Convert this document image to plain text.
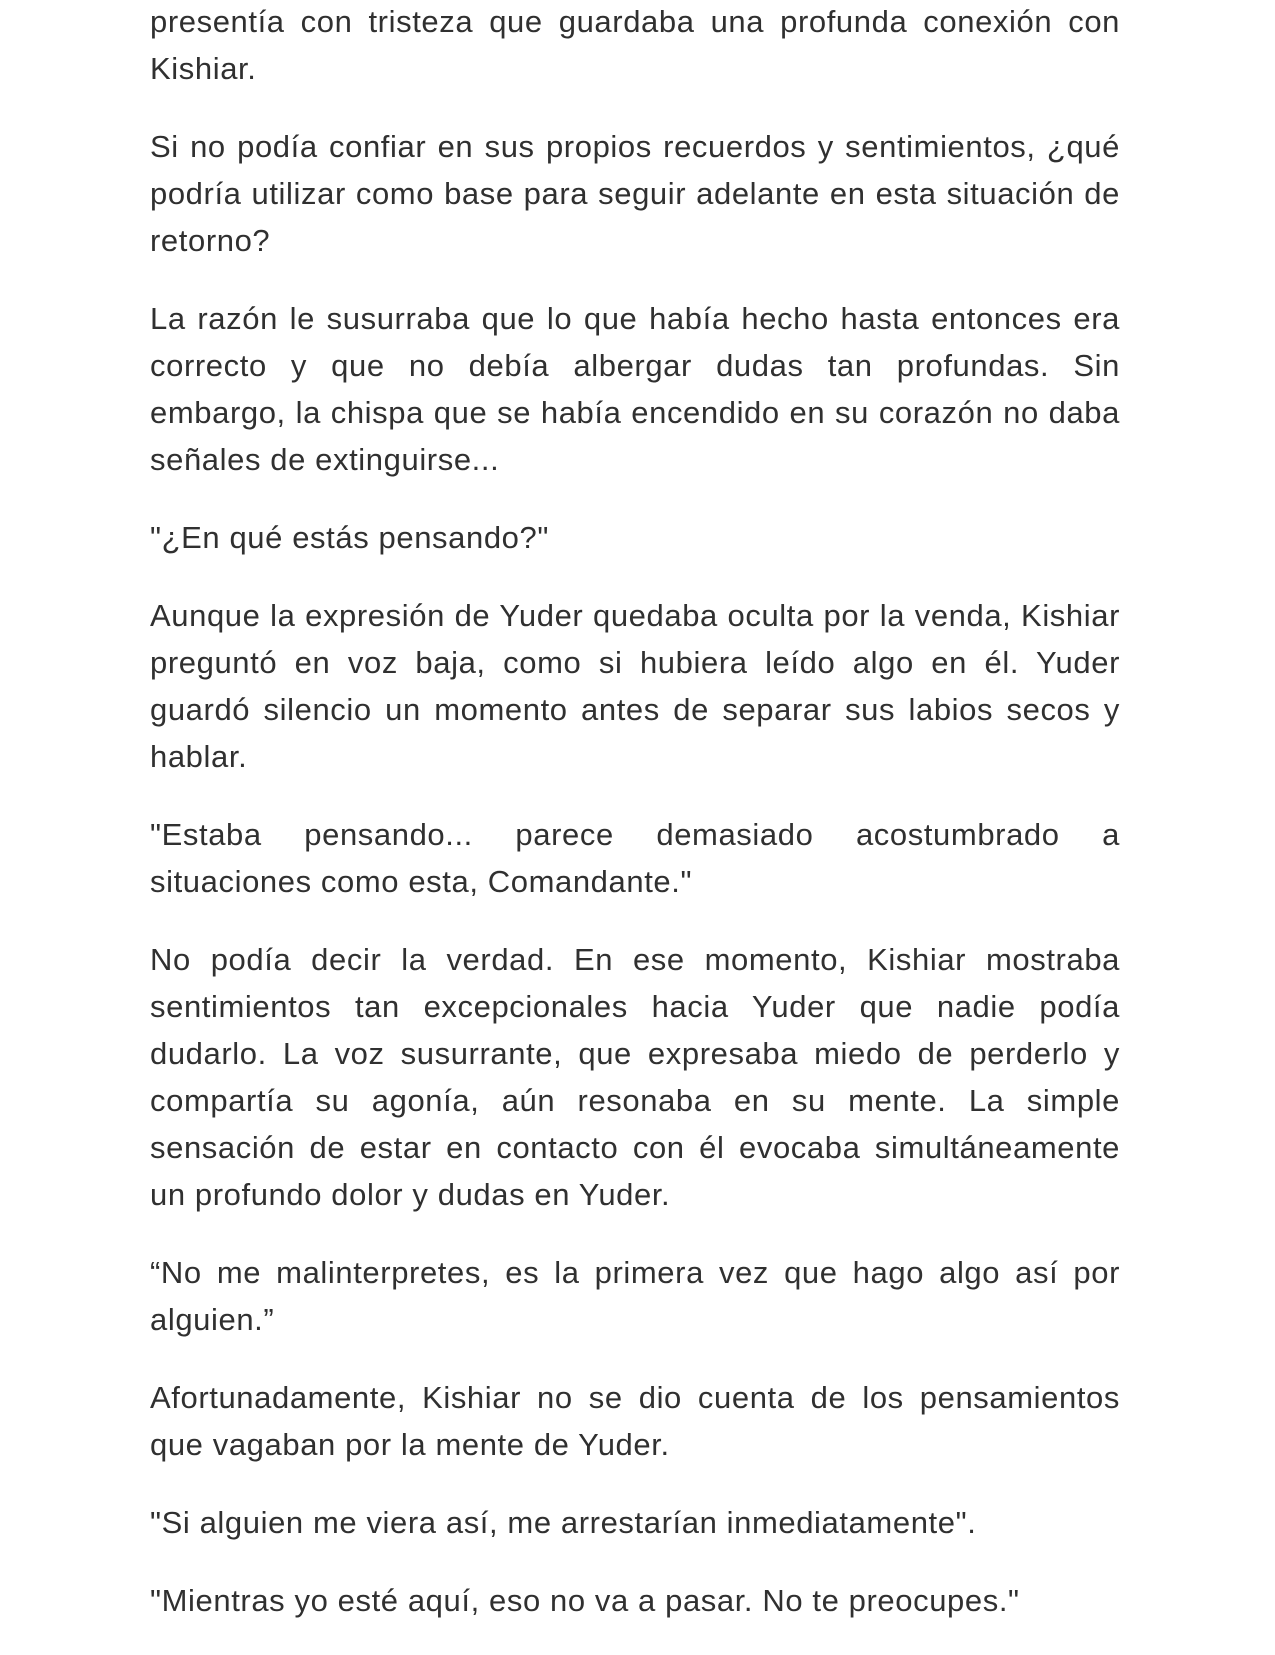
presentía con tristeza que guardaba una profunda conexión con Kishiar.

Si no podía confiar en sus propios recuerdos y sentimientos, ¿qué podría utilizar como base para seguir adelante en esta situación de retorno?

La razón le susurraba que lo que había hecho hasta entonces era correcto y que no debía albergar dudas tan profundas. Sin embargo, la chispa que se había encendido en su corazón no daba señales de extinguirse...

"¿En qué estás pensando?"

Aunque la expresión de Yuder quedaba oculta por la venda, Kishiar preguntó en voz baja, como si hubiera leído algo en él. Yuder guardó silencio un momento antes de separar sus labios secos y hablar.

"Estaba pensando... parece demasiado acostumbrado a situaciones como esta, Comandante."

No podía decir la verdad. En ese momento, Kishiar mostraba sentimientos tan excepcionales hacia Yuder que nadie podía dudarlo. La voz susurrante, que expresaba miedo de perderlo y compartía su agonía, aún resonaba en su mente. La simple sensación de estar en contacto con él evocaba simultáneamente un profundo dolor y dudas en Yuder.

“No me malinterpretes, es la primera vez que hago algo así por alguien.”

Afortunadamente, Kishiar no se dio cuenta de los pensamientos que vagaban por la mente de Yuder.

"Si alguien me viera así, me arrestarían inmediatamente".

"Mientras yo esté aquí, eso no va a pasar. No te preocupes."
